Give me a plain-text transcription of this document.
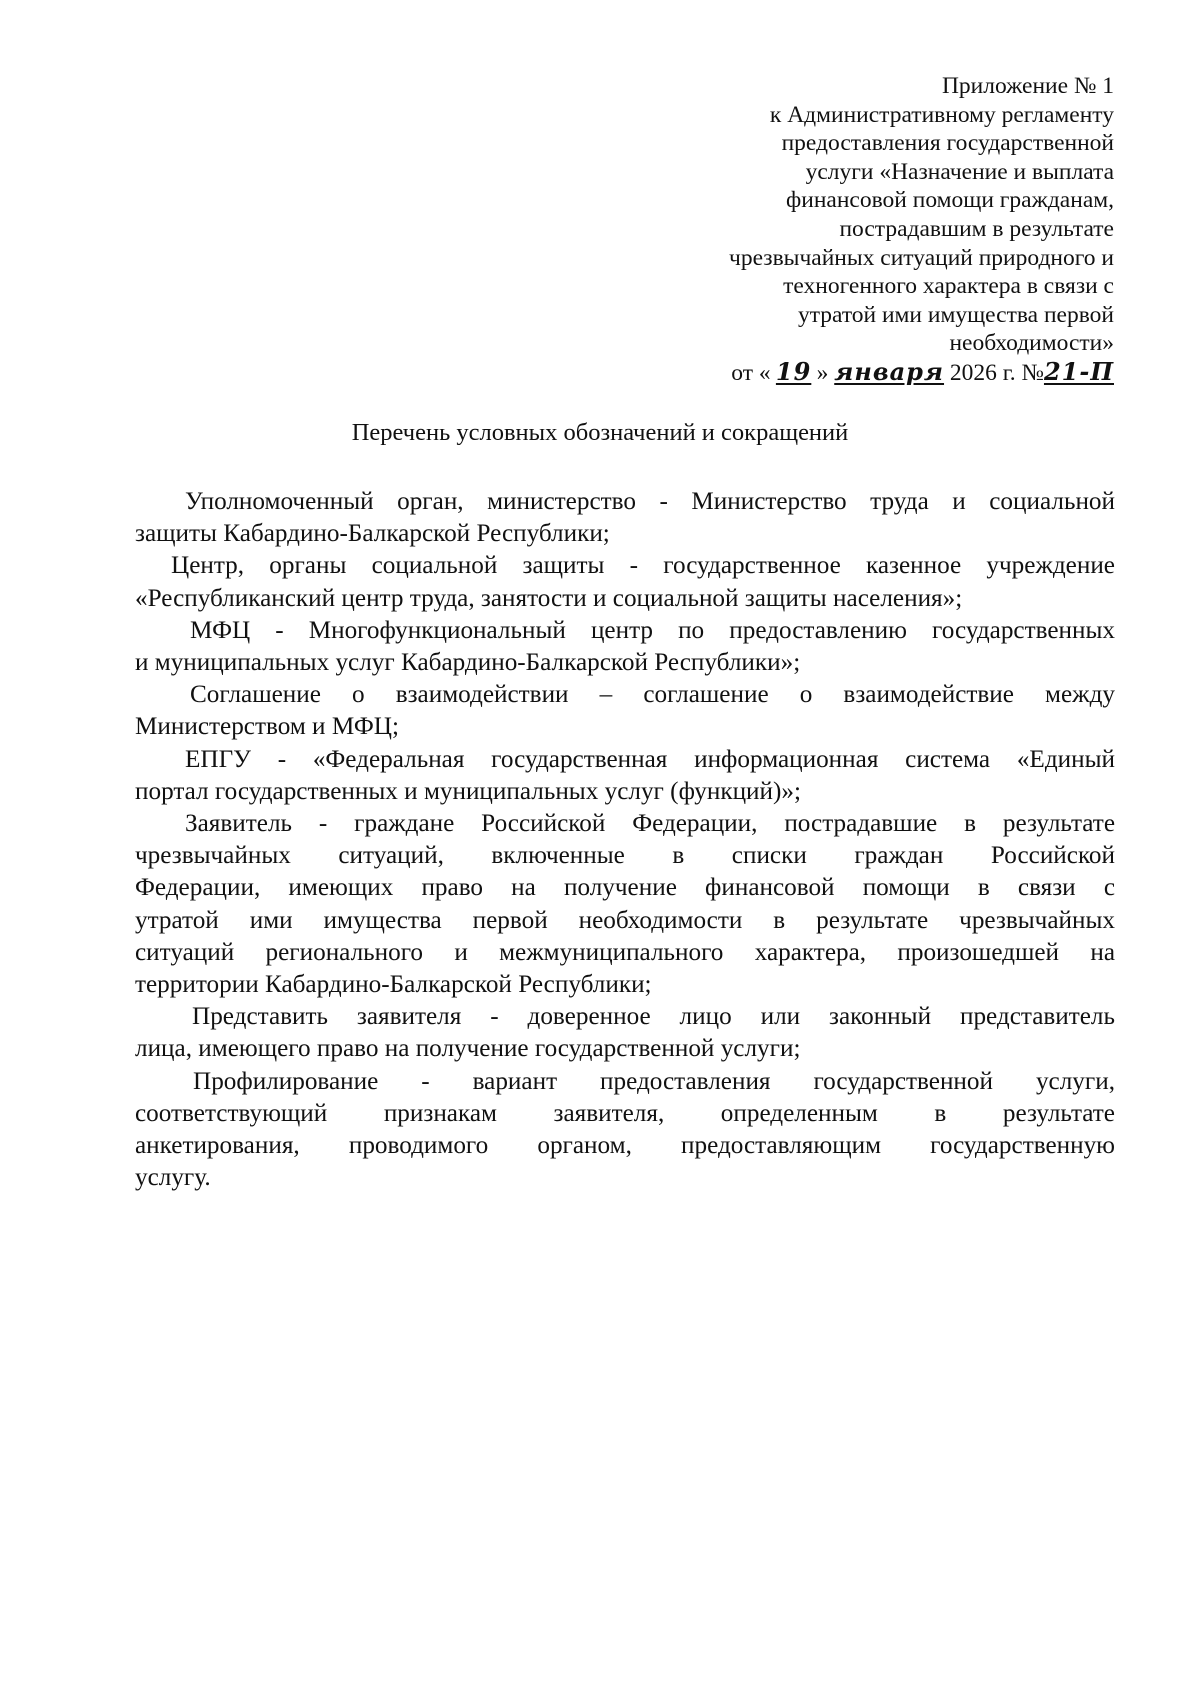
Приложение № 1
к Административному регламенту
предоставления государственной
услуги «Назначение и выплата
финансовой помощи гражданам,
пострадавшим в результате
чрезвычайных ситуаций природного и
техногенного характера в связи с
утратой ими имущества первой
необходимости»
от « 19 » января 2026 г. №21-П
Перечень условных обозначений и сокращений

Уполномоченный орган, министерство - Министерство труда и социальной
защиты Кабардино-Балкарской Республики;

Центр, органы социальной защиты - государственное казенное учреждение
«Республиканский центр труда, занятости и социальной защиты населения»;

МФЦ - Многофункциональный центр по предоставлению государственных
и муниципальных услуг Кабардино-Балкарской Республики»;

Соглашение о взаимодействии – соглашение о взаимодействие между
Министерством и МФЦ;

ЕПГУ - «Федеральная государственная информационная система «Единый
портал государственных и муниципальных услуг (функций)»;

Заявитель - граждане Российской Федерации, пострадавшие в результате
чрезвычайных ситуаций, включенные в списки граждан Российской
Федерации, имеющих право на получение финансовой помощи в связи с
утратой ими имущества первой необходимости в результате чрезвычайных
ситуаций регионального и межмуниципального характера, произошедшей на
территории Кабардино-Балкарской Республики;

Представить заявителя - доверенное лицо или законный представитель
лица, имеющего право на получение государственной услуги;

Профилирование - вариант предоставления государственной услуги,
соответствующий признакам заявителя, определенным в результате
анкетирования, проводимого органом, предоставляющим государственную
услугу.
